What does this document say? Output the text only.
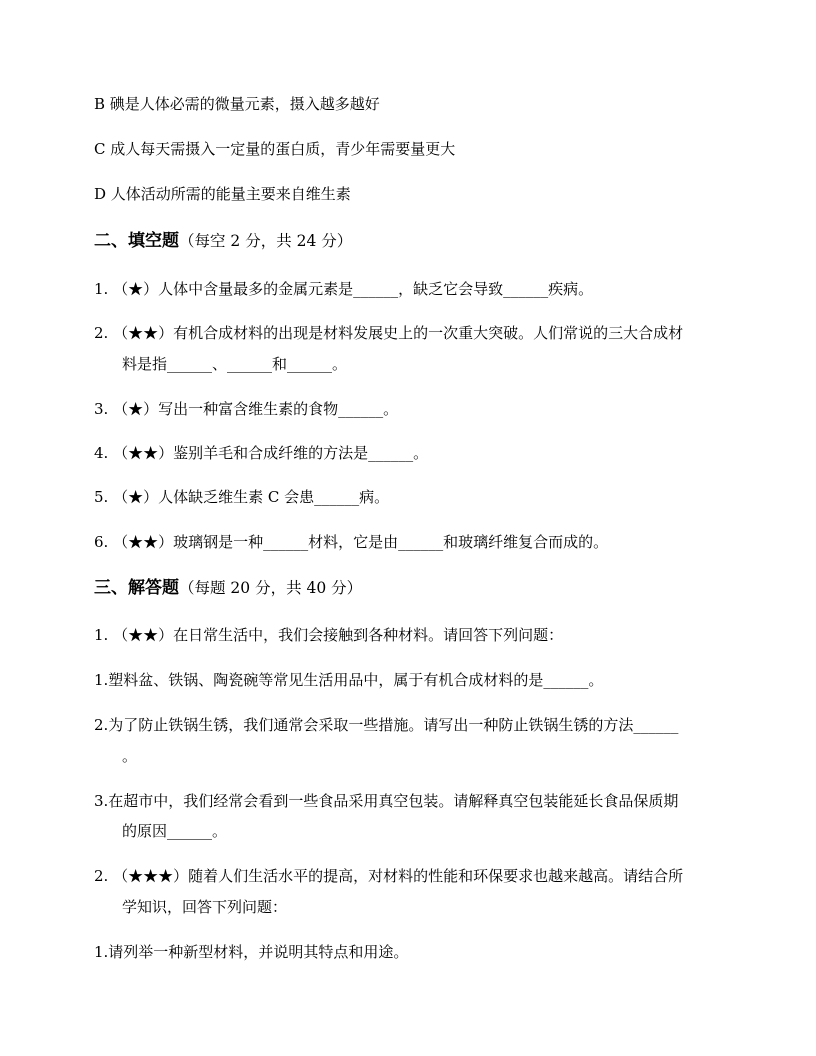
B 碘是人体必需的微量元素，摄入越多越好
C 成人每天需摄入一定量的蛋白质，青少年需要量更大
D 人体活动所需的能量主要来自维生素
二、填空题（每空 2 分，共 24 分）
1. （★）人体中含量最多的金属元素是______，缺乏它会导致______疾病。
2. （★★）有机合成材料的出现是材料发展史上的一次重大突破。人们常说的三大合成材
料是指______、______和______。
3. （★）写出一种富含维生素的食物______。
4. （★★）鉴别羊毛和合成纤维的方法是______。
5. （★）人体缺乏维生素 C 会患______病。
6. （★★）玻璃钢是一种______材料，它是由______和玻璃纤维复合而成的。
三、解答题（每题 20 分，共 40 分）
1. （★★）在日常生活中，我们会接触到各种材料。请回答下列问题：
1.塑料盆、铁锅、陶瓷碗等常见生活用品中，属于有机合成材料的是______。
2.为了防止铁锅生锈，我们通常会采取一些措施。请写出一种防止铁锅生锈的方法______
。
3.在超市中，我们经常会看到一些食品采用真空包装。请解释真空包装能延长食品保质期
的原因______。
2. （★★★）随着人们生活水平的提高，对材料的性能和环保要求也越来越高。请结合所
学知识，回答下列问题：
1.请列举一种新型材料，并说明其特点和用途。
